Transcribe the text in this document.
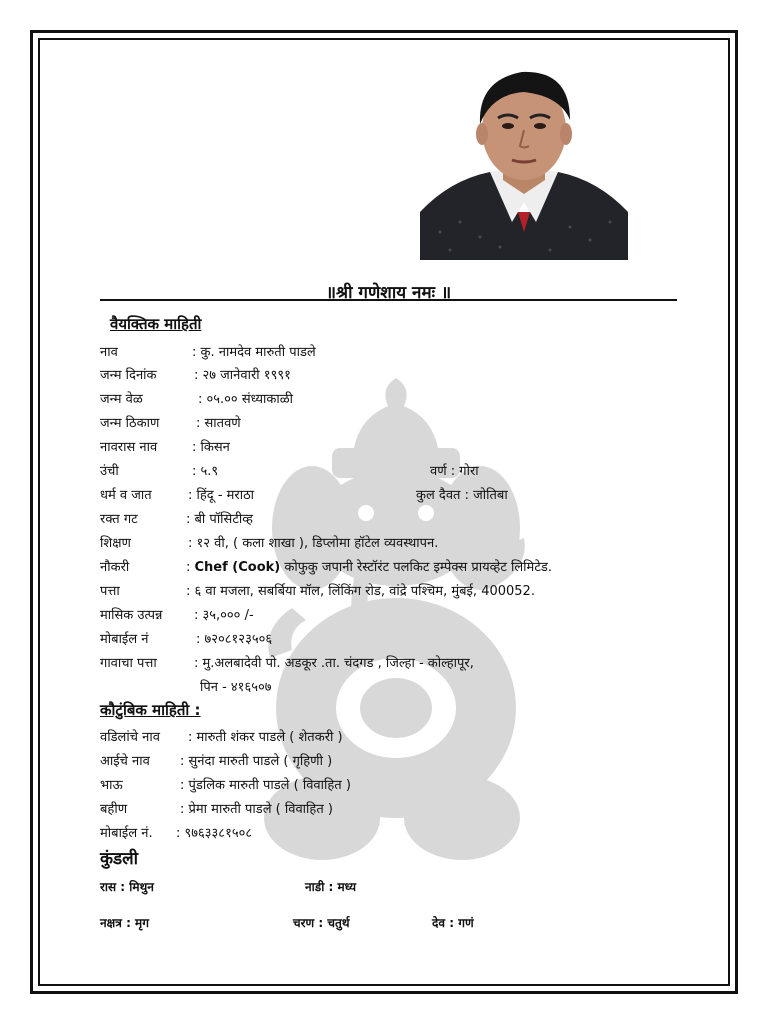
॥श्री गणेशाय नमः ॥
वैयक्तिक माहिती
नाव	: कु. नामदेव मारुती पाडले
जन्म दिनांक	: २७ जानेवारी १९९१
जन्म वेळ	: ०५.०० संध्याकाळी
जन्म ठिकाण	: सातवणे
नावरास नाव	: किसन
उंची	: ५.९	वर्ण : गोरा
धर्म व जात	: हिंदू - मराठा	कुल दैवत : जोतिबा
रक्त गट	: बी पॉसिटीव्ह
शिक्षण	: १२ वी, ( कला शाखा ), डिप्लोमा हॉटेल व्यवस्थापन.
नौकरी	: Chef (Cook) कोफुकु जपानी रेस्टॉरंट पलकिट इम्पेक्स प्रायव्हेट लिमिटेड.
पत्ता	: ६ वा मजला, सबर्बिया मॉल, लिंकिंग रोड, वांद्रे पश्चिम, मुंबई, 400052.
मासिक उत्पन्न : ३५,००० /-
मोबाईल नं	: ७२०८१२३५०६
गावाचा पत्ता	: मु.अलबादेवी पो. अडकूर .ता. चंदगड , जिल्हा - कोल्हापूर,
पिन - ४१६५०७
कौटुंबिक माहिती :
वडिलांचे नाव : मारुती शंकर पाडले ( शेतकरी )
आईचे नाव : सुनंदा मारुती पाडले ( गृहिणी )
भाऊ	: पुंडलिक मारुती पाडले ( विवाहित )
बहीण	: प्रेमा मारुती पाडले ( विवाहित )
मोबाईल नं. : ९७६३३८१५०८
कुंडली
रास : मिथुन	नाडी : मध्य
नक्षत्र : मृग	चरण : चतुर्थ	देव : गणं
